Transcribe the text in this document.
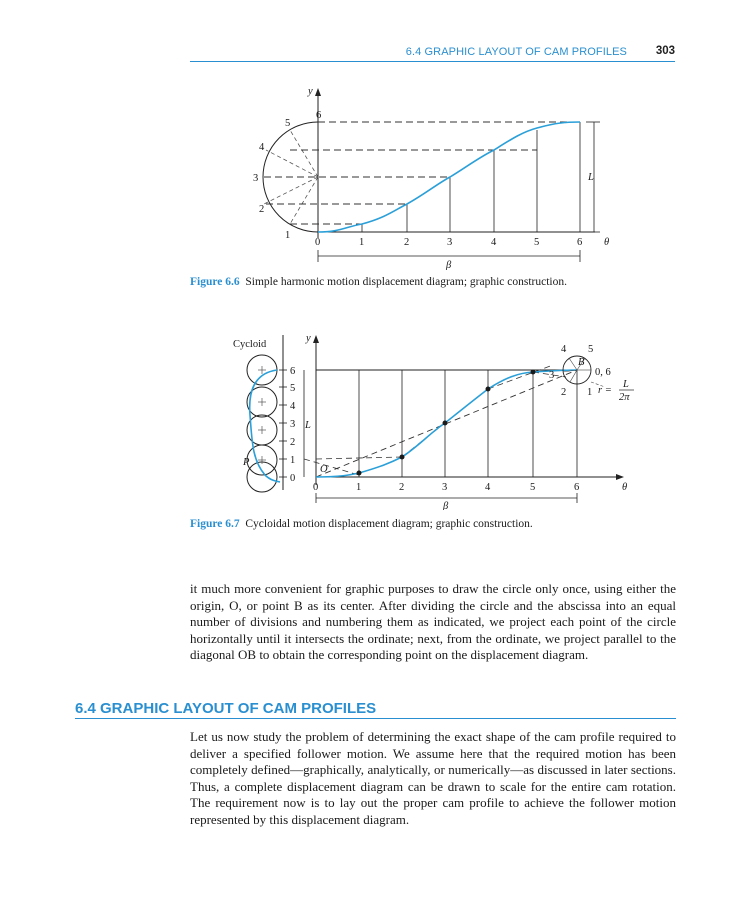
6.4 GRAPHIC LAYOUT OF CAM PROFILES	303
y
L
1
2
3
4
5
6
0	1	2	3	4	5	6 θ
β
Figure 6.6 Simple harmonic motion displacement diagram; graphic construction.
Cycloid
P
6
5
4
3
2
1
0
L
y
B
4 5
3
2 1
0, 6
r =
L
2π
O
0	1	2	3	4	5	6	θ
β
Figure 6.7 Cycloidal motion displacement diagram; graphic construction.
it much more convenient for graphic purposes to draw the circle only once, using either the origin, O, or point B as its center. After dividing the circle and the abscissa into an equal number of divisions and numbering them as indicated, we project each point of the circle horizontally until it intersects the ordinate; next, from the ordinate, we project parallel to the diagonal OB to obtain the corresponding point on the displacement diagram.
6.4 GRAPHIC LAYOUT OF CAM PROFILES
Let us now study the problem of determining the exact shape of the cam profile required to deliver a specified follower motion. We assume here that the required motion has been completely defined—graphically, analytically, or numerically—as discussed in later sections. Thus, a complete displacement diagram can be drawn to scale for the entire cam rotation. The requirement now is to lay out the proper cam profile to achieve the follower motion represented by this displacement diagram.
